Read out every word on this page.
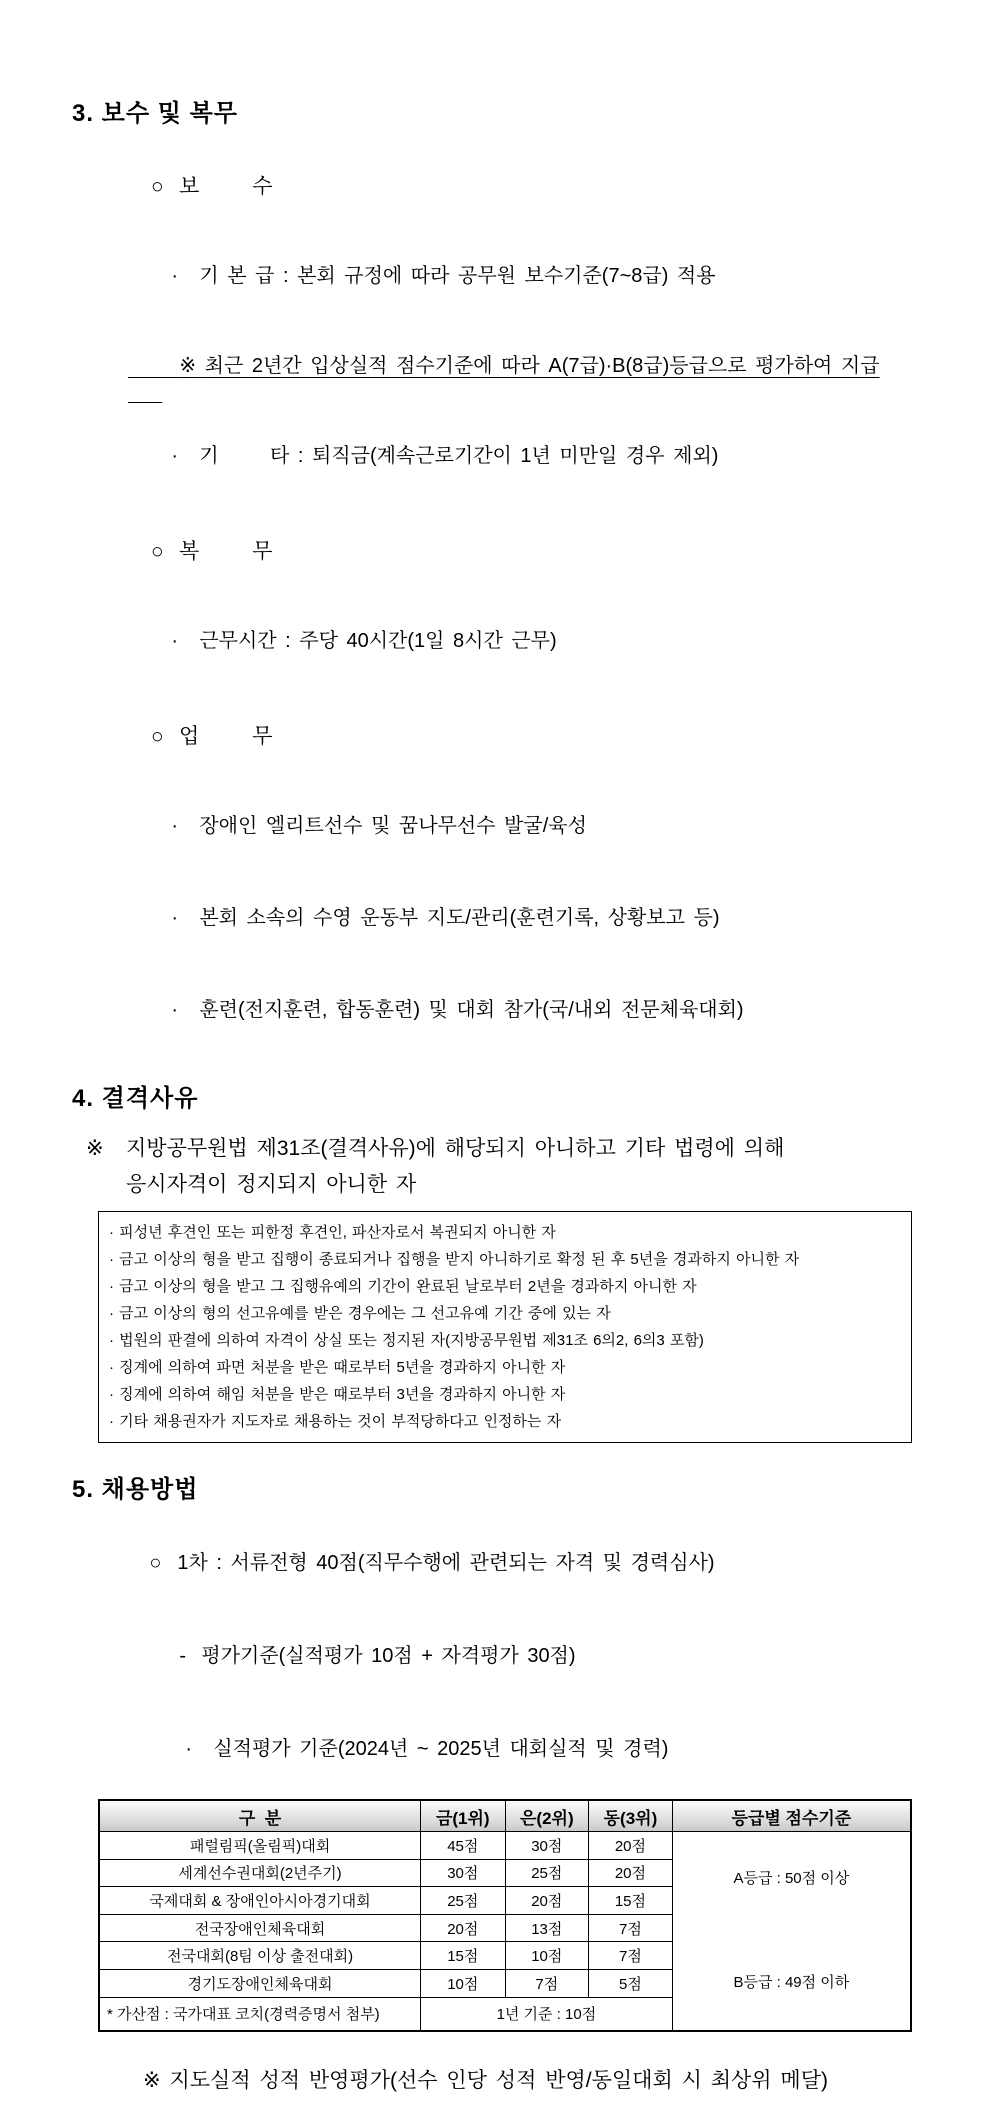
3. 보수 및 복무

○ 보      수

· 기 본 급 : 본회 규정에 따라 공무원 보수기준(7~8급) 적용

※ 최근 2년간 입상실적 점수기준에 따라 A(7급)·B(8급)등급으로 평가하여 지급

· 기      타 : 퇴직금(계속근로기간이 1년 미만일 경우 제외)

○ 복      무

· 근무시간 : 주당 40시간(1일 8시간 근무)

○ 업      무

· 장애인 엘리트선수 및 꿈나무선수 발굴/육성

· 본회 소속의 수영 운동부 지도/관리(훈련기록, 상황보고 등)

· 훈련(전지훈련, 합동훈련) 및 대회 참가(국/내외 전문체육대회)

4. 결격사유
※	지방공무원법 제31조(결격사유)에 해당되지 아니하고 기타 법령에 의해
응시자격이 정지되지 아니한 자
· 피성년 후견인 또는 피한정 후견인, 파산자로서 복권되지 아니한 자
· 금고 이상의 형을 받고 집행이 종료되거나 집행을 받지 아니하기로 확정 된 후 5년을 경과하지 아니한 자
· 금고 이상의 형을 받고 그 집행유예의 기간이 완료된 날로부터 2년을 경과하지 아니한 자
· 금고 이상의 형의 선고유예를 받은 경우에는 그 선고유예 기간 중에 있는 자
· 법원의 판결에 의하여 자격이 상실 또는 정지된 자(지방공무원법 제31조 6의2, 6의3 포함)
· 징계에 의하여 파면 처분을 받은 때로부터 5년을 경과하지 아니한 자
· 징계에 의하여 해임 처분을 받은 때로부터 3년을 경과하지 아니한 자
· 기타 채용권자가 지도자로 채용하는 것이 부적당하다고 인정하는 자
5. 채용방법

○ 1차 : 서류전형 40점(직무수행에 관련되는 자격 및 경력심사)

- 평가기준(실적평가 10점 + 자격평가 30점)

· 실적평가 기준(2024년 ~ 2025년 대회실적 및 경력)

구  분	금(1위)	은(2위)	동(3위)	등급별 점수기준
패럴림픽(올림픽)대회	45점	30점	20점	A등급 : 50점 이상

B등급 : 49점 이하

세계선수권대회(2년주기)	30점	25점	20점	
국제대회 & 장애인아시아경기대회	25점	20점	15점	
전국장애인체육대회	20점	13점	7점	
전국대회(8팀 이상 출전대회)	15점	10점	7점	
경기도장애인체육대회	10점	7점	5점	
* 가산점 : 국가대표 코치(경력증명서 첨부)	1년 기준 : 10점			

※ 지도실적 성적 반영평가(선수 인당 성적 반영/동일대회 시 최상위 메달)
